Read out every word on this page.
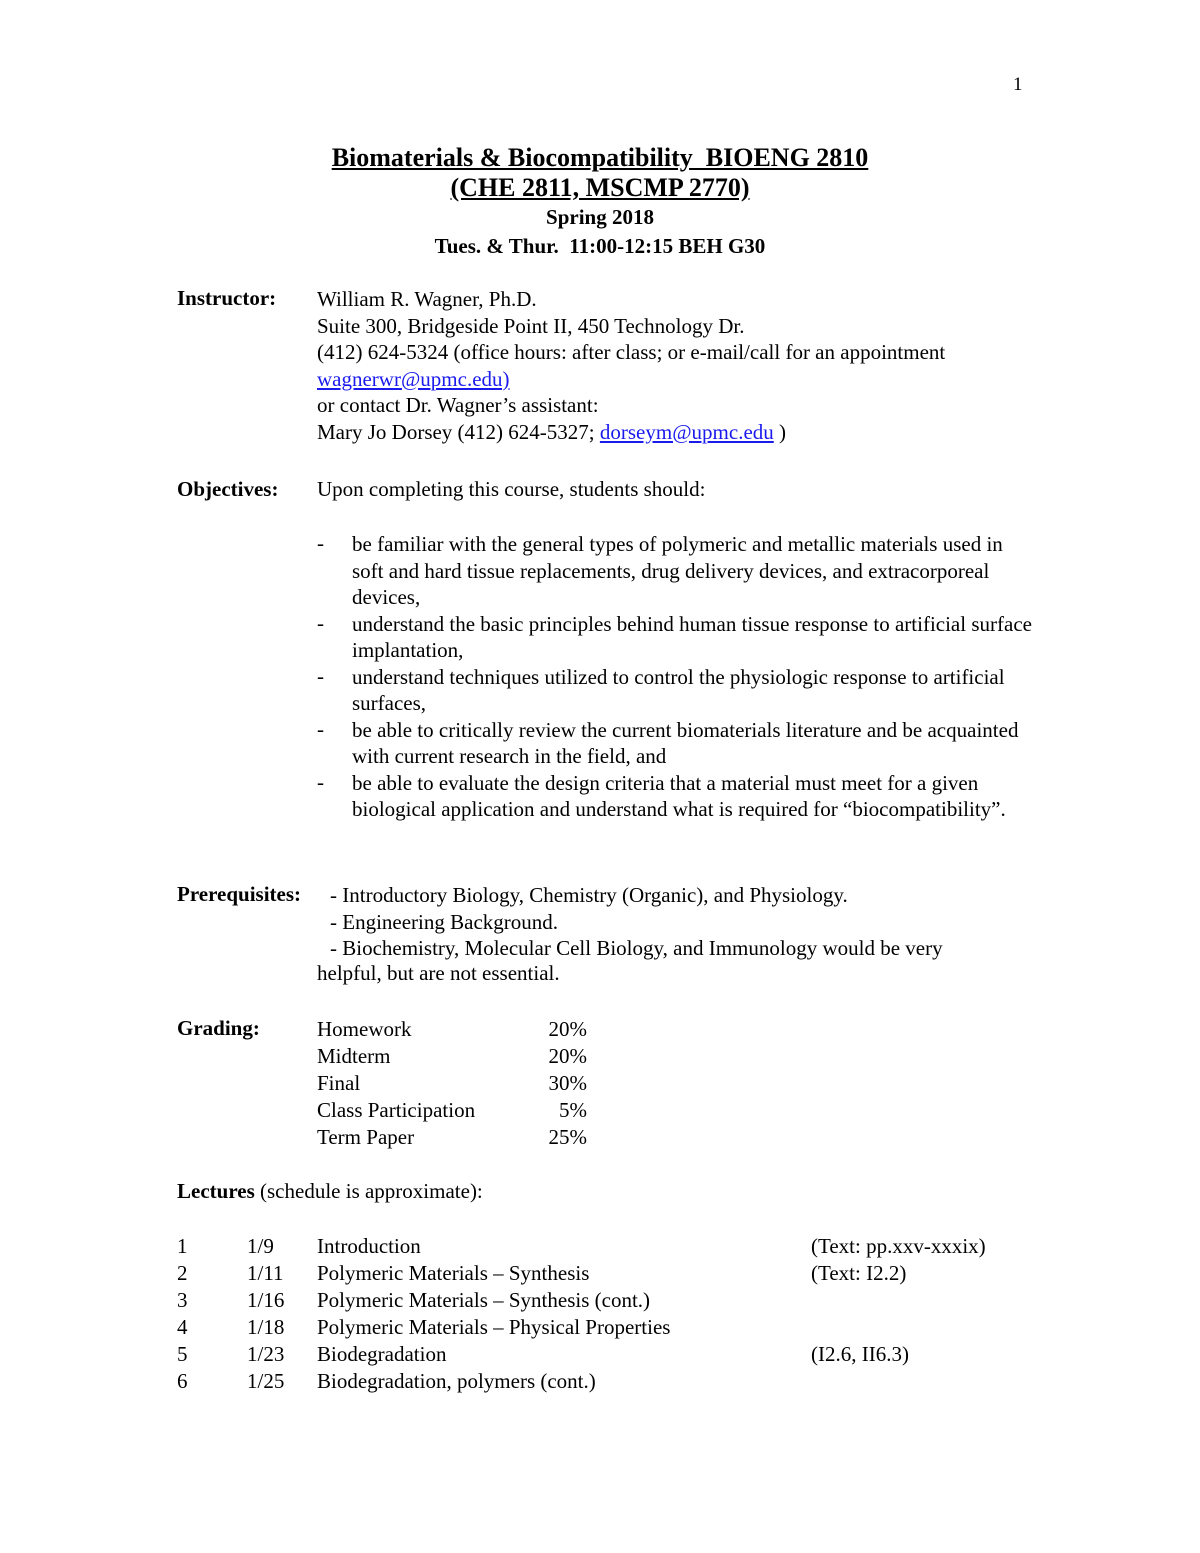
1
Biomaterials & Biocompatibility  BIOENG 2810
(CHE 2811, MSCMP 2770)
Spring 2018
Tues. & Thur.  11:00-12:15 BEH G30
Instructor: William R. Wagner, Ph.D.
Suite 300, Bridgeside Point II, 450 Technology Dr.
(412) 624-5324 (office hours: after class; or e-mail/call for an appointment
wagnerwr@upmc.edu)
or contact Dr. Wagner’s assistant:
Mary Jo Dorsey (412) 624-5327; dorseym@upmc.edu )
Objectives: Upon completing this course, students should:
- be familiar with the general types of polymeric and metallic materials used in soft and hard tissue replacements, drug delivery devices, and extracorporeal devices,
- understand the basic principles behind human tissue response to artificial surface implantation,
- understand techniques utilized to control the physiologic response to artificial surfaces,
- be able to critically review the current biomaterials literature and be acquainted with current research in the field, and
- be able to evaluate the design criteria that a material must meet for a given biological application and understand what is required for “biocompatibility”.
Prerequisites: - Introductory Biology, Chemistry (Organic), and Physiology.
- Engineering Background.
- Biochemistry, Molecular Cell Biology, and Immunology would be very
helpful, but are not essential.
Grading:	Homework	20%
Midterm	20%
Final	30%
Class Participation	5%
Term Paper	25%
Lectures (schedule is approximate):
1	1/9 Introduction	(Text: pp.xxv-xxxix)
2	1/11 Polymeric Materials – Synthesis	(Text: I2.2)
3	1/16 Polymeric Materials – Synthesis (cont.)
4	1/18 Polymeric Materials – Physical Properties
5	1/23 Biodegradation	(I2.6, II6.3)
6	1/25 Biodegradation, polymers (cont.)
